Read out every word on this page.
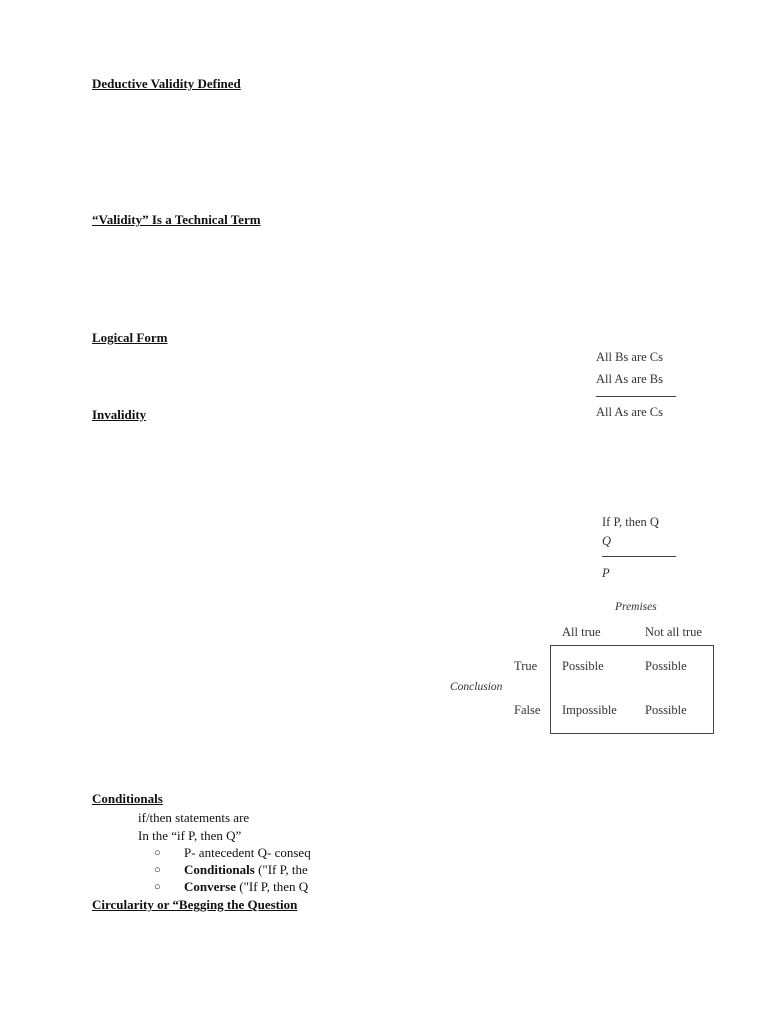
Deductive Validity Defined
“Validity” Is a Technical Term
Logical Form
Invalidity
All Bs are Cs
All As are Bs
All As are Cs
If P, then Q
Q
P
Premises
All true	Not all true
Conclusion
True
False
Possible	Possible
Impossible Possible
Conditionals
if/then statements are
In the “if P, then Q”
○ P- antecedent Q- conseq
○ Conditionals ("If P, the
○ Converse ("If P, then Q
Circularity or “Begging the Question
